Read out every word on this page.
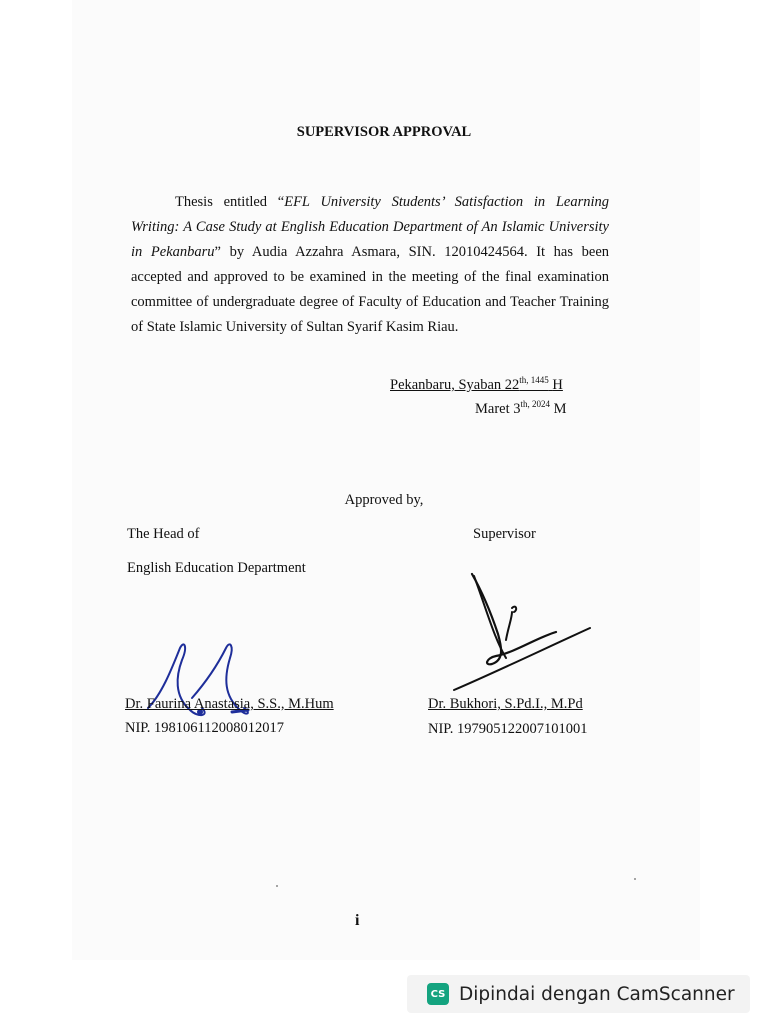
SUPERVISOR APPROVAL
Thesis entitled “EFL University Students’ Satisfaction in Learning Writing: A Case Study at English Education Department of An Islamic University in Pekanbaru” by Audia Azzahra Asmara, SIN. 12010424564. It has been accepted and approved to be examined in the meeting of the final examination committee of undergraduate degree of Faculty of Education and Teacher Training of State Islamic University of Sultan Syarif Kasim Riau.
Pekanbaru, Syaban $22^{th, 1445}$ H
Maret $3^{th, 2024}$ M
Approved by,
The Head of
English Education Department
Supervisor
Dr. Faurina Anastasia, S.S., M.Hum
NIP. 198106112008012017
Dr. Bukhori, S.Pd.I., M.Pd
NIP. 197905122007101001
i
CS Dipindai dengan CamScanner
